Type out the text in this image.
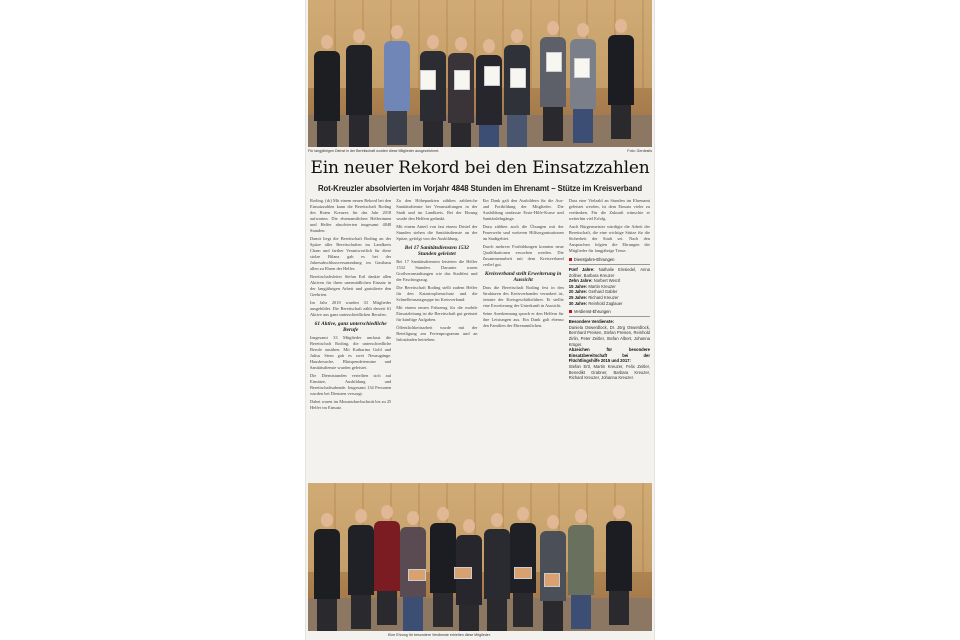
Für langjährigen Dienst in der Bereitschaft wurden diese Mitglieder ausgezeichnet.	Foto: Gerdesits
Ein neuer Rekord bei den Einsatzzahlen
Rot-Kreuzler absolvierten im Vorjahr 4848 Stunden im Ehrenamt – Stütze im Kreisverband

Roding. (rk) Mit einem neuen Rekord bei den Einsatzzahlen kann die Bereitschaft Roding des Roten Kreuzes für das Jahr 2018 aufwarten. Die ehrenamtlichen Helferinnen und Helfer absolvierten insgesamt 4848 Stunden.

Damit liegt die Bereitschaft Roding an der Spitze aller Bereitschaften im Landkreis Cham und farther Verantwortlich für diese stolze Bilanz gab es bei der Jahresabschlussversammlung im Gasthaus allen zu Ehren der Helfer.

Bereitschaftsleiter Stefan Ertl dankte allen Aktiven für ihren unermüdlichen Einsatz in der langjährigen Arbeit und gratulierte den Geehrten.

Im Jahr 2018 wurden 33 Mitglieder ausgebildet. Die Bereitschaft zählt derzeit 61 Aktive aus ganz unterschiedlichen Berufen.

61 Aktive, ganz unterschiedliche Berufe

Insgesamt 33 Mitglieder umfasst die Bereitschaft Roding, die unterschiedliche Berufe ausüben. Mit Katharina Gold und Julius Stern gab es zwei Neuzugänge. Hausbesuche, Blutspendetermine und Sanitätsdienste wurden geleistet.

Die Dienststunden verteilten sich auf Einsätze, Ausbildung und Bereitschaftsabende. Insgesamt 134 Personen wurden bei Diensten versorgt.

Dabei waren im Monatsdurchschnitt bis zu 25 Helfer im Einsatz.

Zu den Höhepunkten zählten zahlreiche Sanitätsdienste bei Veranstaltungen in der Stadt und im Landkreis. Bei der Ehrung wurde den Helfern gedankt.

Mit einem Anteil von fast einem Drittel der Stunden stehen die Sanitätsdienste an der Spitze, gefolgt von der Ausbildung.

Bei 17 Sanitätsdiensten 1532 Stunden geleistet

Bei 17 Sanitätsdiensten leisteten die Helfer 1532 Stunden. Darunter waren Großveranstaltungen wie das Stadtfest und der Faschingszug.

Die Bereitschaft Roding stellt zudem Helfer für den Katastrophenschutz und die Schnelleinsatzgruppe im Kreisverband.

Mit einem neuen Fahrzeug für die mobile Einsatzleitung ist die Bereitschaft gut gerüstet für künftige Aufgaben.

Öffentlichkeitsarbeit wurde mit der Beteiligung am Ferienprogramm und an Infoständen betrieben.

Ein Dank galt den Ausbildern für die Aus- und Fortbildung der Mitglieder. Die Ausbildung umfasste Erste-Hilfe-Kurse und Sanitätslehrgänge.

Dazu zählten auch die Übungen mit der Feuerwehr und weiteren Hilfsorganisationen im Stadtgebiet.

Durch mehrere Fortbildungen konnten neue Qualifikationen erworben werden. Die Zusammenarbeit mit dem Kreisverband verlief gut.

Kreisverband stellt Erweiterung in Aussicht

Dass die Bereitschaft Roding fest in den Strukturen des Kreisverbandes verankert ist, betonte der Kreisgeschäftsführer. Er stellte eine Erweiterung der Unterkunft in Aussicht.

Seine Anerkennung sprach er den Helfern für ihre Leistungen aus. Ein Dank galt ebenso den Familien der Ehrenamtlichen.

Dass eine Vielzahl an Stunden im Ehrenamt geleistet werden, ist dem Einsatz vieler zu verdanken. Für die Zukunft wünschte er weiterhin viel Erfolg.

Auch Bürgermeister würdigte die Arbeit der Bereitschaft, die eine wichtige Stütze für die Sicherheit der Stadt sei. Nach den Ansprachen folgten die Ehrungen der Mitglieder für langjährige Treue.

Dienstjahre-Ehrungen

Fünf Jahre: Nathalie Einsiedel, Anna Zollner, Barbara Kreuzer

Zehn Jahre: Norbert Wenzl

15 Jahre: Martin Kreuzer

20 Jahre: Gerhard Gabler

25 Jahre: Richard Kreuzer

30 Jahre: Reinhold Zaglauer

Verdienst-Ehrungen

Besondere Verdienste:

Daniela Oswerdlock, Dr. Jörg Oswerdlock, Bernhard Preisen, Stefan Preisen, Reinhold Zirlin, Peter Zeitler, Stefan Albert, Johanna Krüger.

Abzeichen für besondere Einsatzbereitschaft bei der Flüchtlingshilfe 2015 und 2017:

Stefan Ertl, Martin Kreuzer, Felix Zeitler, Benedikt Grabner, Barbara Kreuzer, Richard Kreuzer, Johanna Kreuzer.

Eine Ehrung für besondere Verdienste erhielten diese Mitglieder.
